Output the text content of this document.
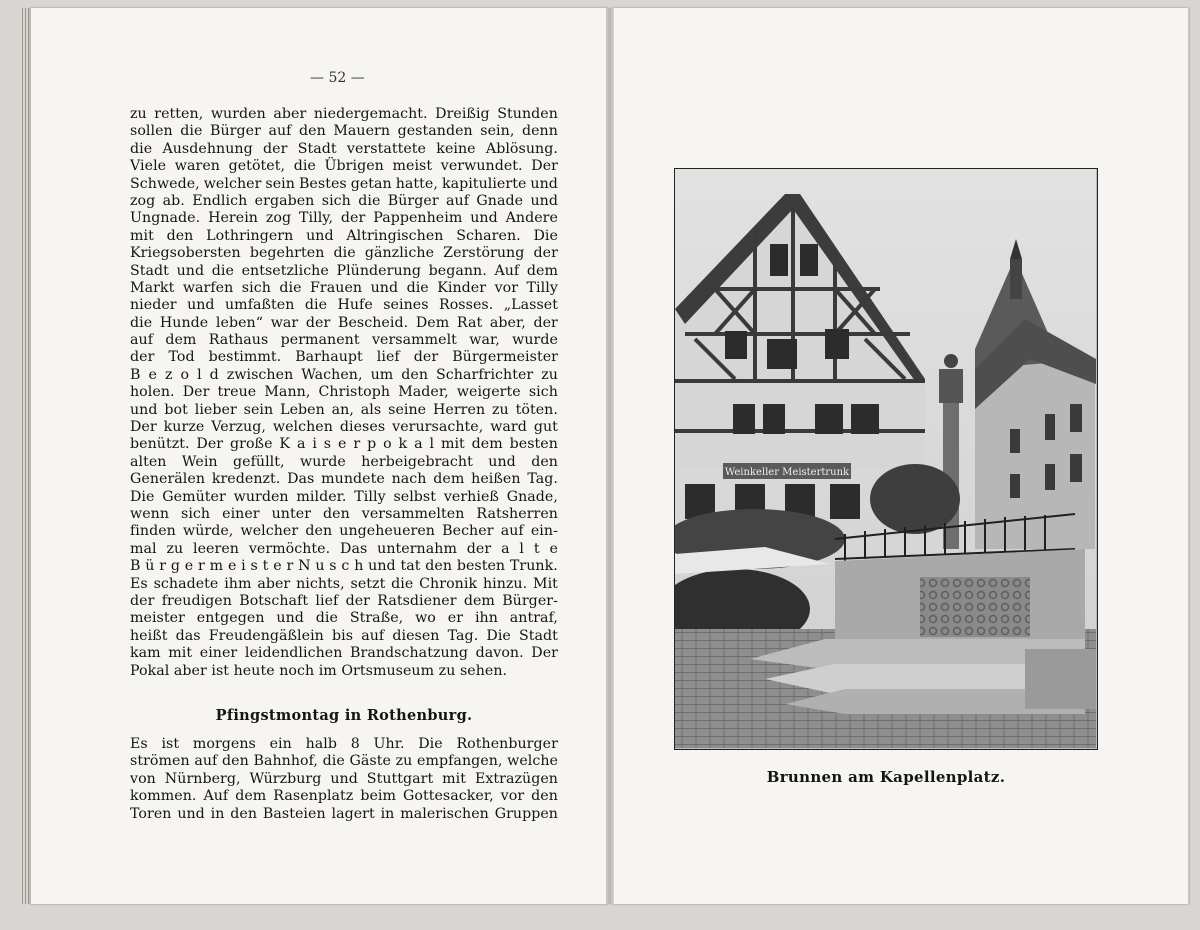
— 52 —
zu retten, wurden aber niedergemacht. Dreißig Stunden
sollen die Bürger auf den Mauern gestanden sein, denn
die Ausdehnung der Stadt verstattete keine Ablösung.
Viele waren getötet, die Übrigen meist verwundet. Der
Schwede, welcher sein Bestes getan hatte, kapitulierte und
zog ab. Endlich ergaben sich die Bürger auf Gnade und
Ungnade. Herein zog Tilly, der Pappenheim und Andere
mit den Lothringern und Altringischen Scharen. Die
Kriegsobersten begehrten die gänzliche Zerstörung der
Stadt und die entsetzliche Plünderung begann. Auf dem
Markt warfen sich die Frauen und die Kinder vor Tilly
nieder und umfaßten die Hufe seines Rosses. „Lasset
die Hunde leben“ war der Bescheid. Dem Rat aber, der
auf dem Rathaus permanent versammelt war, wurde
der Tod bestimmt. Barhaupt lief der Bürgermeister
B e z o l d zwischen Wachen, um den Scharfrichter zu
holen. Der treue Mann, Christoph Mader, weigerte sich
und bot lieber sein Leben an, als seine Herren zu töten.
Der kurze Verzug, welchen dieses verursachte, ward gut
benützt. Der große K a i s e r p o k a l mit dem besten
alten Wein gefüllt, wurde herbeigebracht und den
Generälen kredenzt. Das mundete nach dem heißen Tag.
Die Gemüter wurden milder. Tilly selbst verhieß Gnade,
wenn sich einer unter den versammelten Ratsherren
finden würde, welcher den ungeheueren Becher auf ein-
mal zu leeren vermöchte. Das unternahm der a l t e
B ü r g e r m e i s t e r N u s c h und tat den besten Trunk.
Es schadete ihm aber nichts, setzt die Chronik hinzu. Mit
der freudigen Botschaft lief der Ratsdiener dem Bürger-
meister entgegen und die Straße, wo er ihn antraf,
heißt das Freudengäßlein bis auf diesen Tag. Die Stadt
kam mit einer leidendlichen Brandschatzung davon. Der
Pokal aber ist heute noch im Ortsmuseum zu sehen.
Pfingstmontag in Rothenburg.
Es ist morgens ein halb 8 Uhr. Die Rothenburger
strömen auf den Bahnhof, die Gäste zu empfangen, welche
von Nürnberg, Würzburg und Stuttgart mit Extrazügen
kommen. Auf dem Rasenplatz beim Gottesacker, vor den
Toren und in den Basteien lagert in malerischen Gruppen
Weinkeller Meistertrunk
Brunnen am Kapellenplatz.
